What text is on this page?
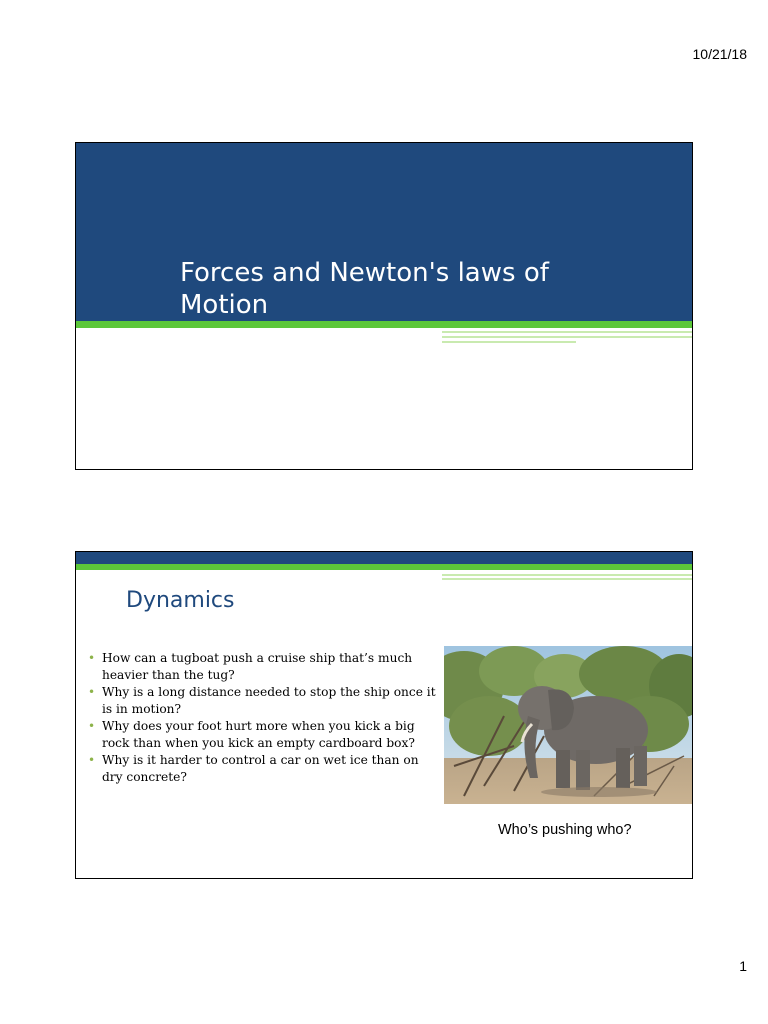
10/21/18
Forces and Newton's laws of Motion
Dynamics
• How can a tugboat push a cruise ship that’s much heavier than the tug?
• Why is a long distance needed to stop the ship once it is in motion?
• Why does your foot hurt more when you kick a big rock than when you kick an empty cardboard box?
• Why is it harder to control a car on wet ice than on dry concrete?
Who’s pushing who?
1
